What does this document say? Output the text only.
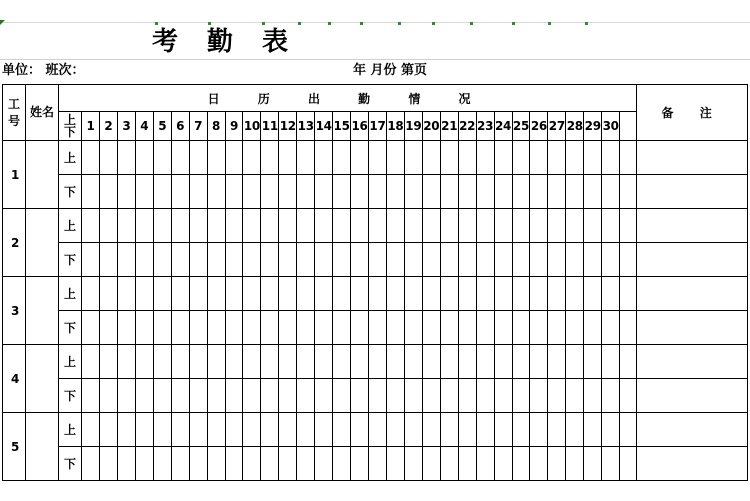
考 勤 表
单位： 班次：	年 月份 第页
工号	姓名	日 历 出 勤 情 况																																备 注
		上下	1	2	3	4	5	6	7	8	9	10	11	12	13	14	15	16	17	18	19	20	21	22	23	24	25	26	27	28	29	30		
1		上																																
		下																																
2		上																																
		下																																
3		上																																
		下																																
4		上																																
		下																																
5		上																																
		下																																
